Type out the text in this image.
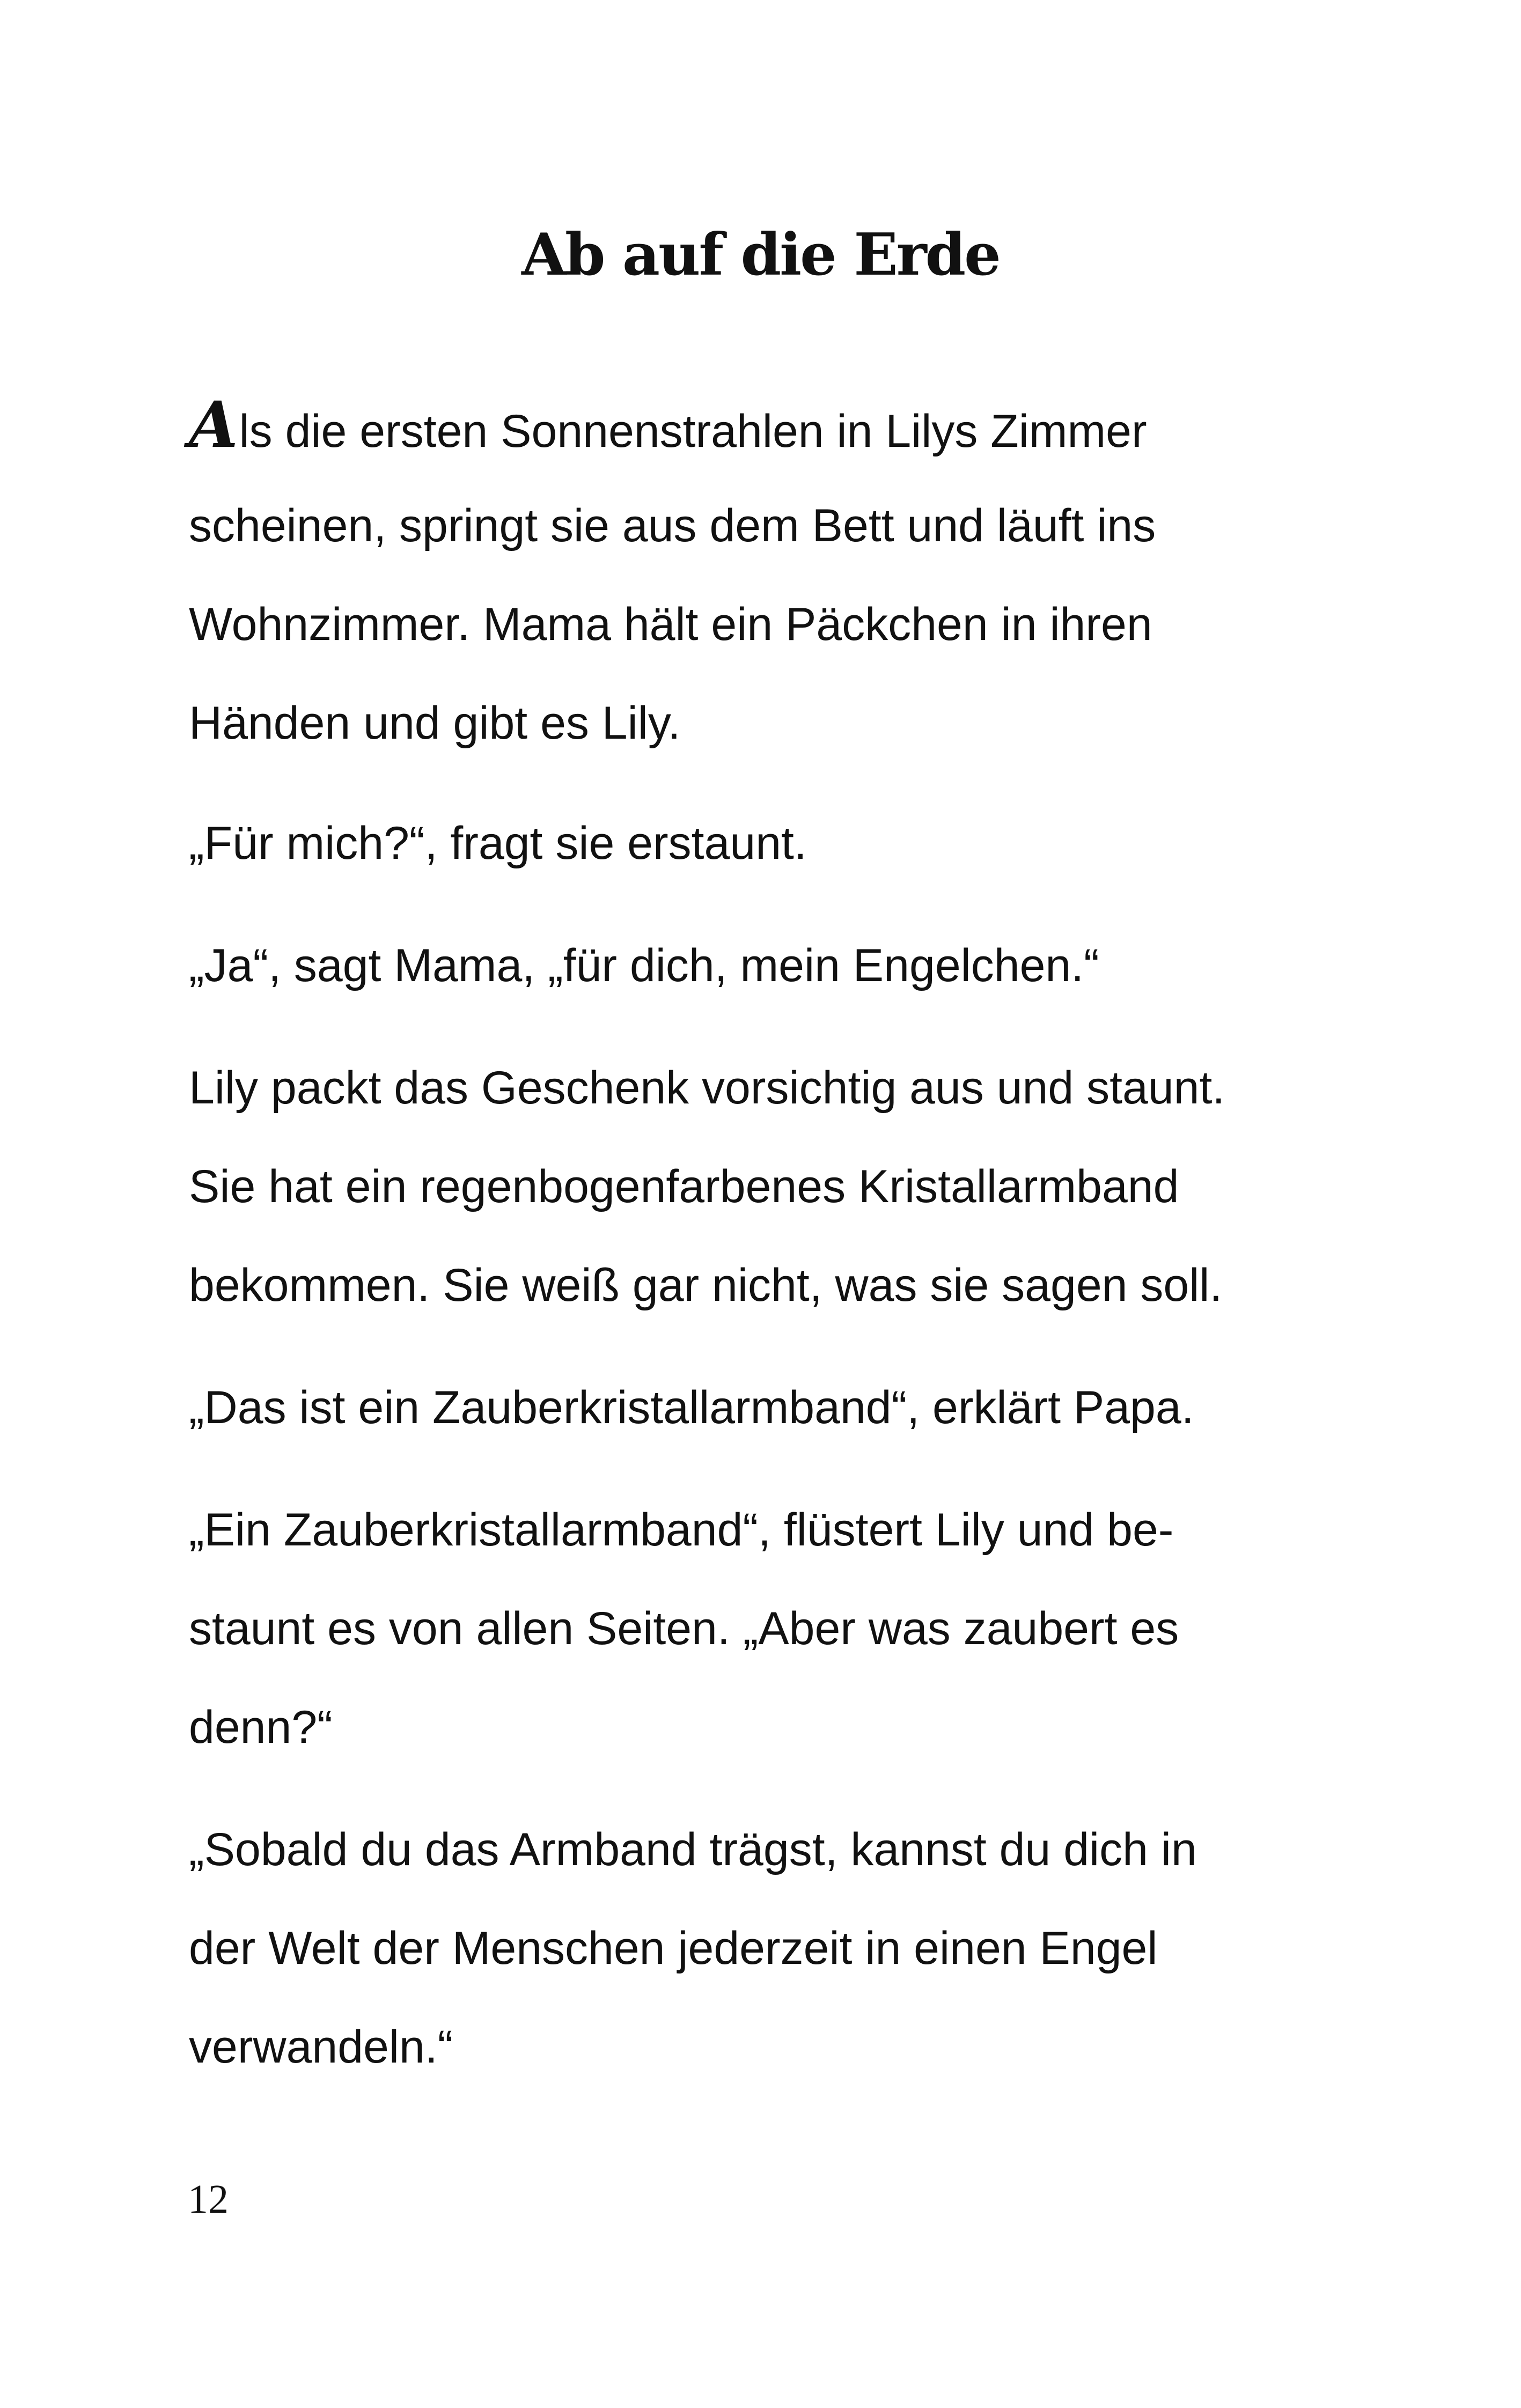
Ab auf die Erde
Als die ersten Sonnenstrahlen in Lilys Zimmer
scheinen, springt sie aus dem Bett und läuft ins
Wohnzimmer. Mama hält ein Päckchen in ihren
Händen und gibt es Lily.
„Für mich?“, fragt sie erstaunt.
„Ja“, sagt Mama, „für dich, mein Engelchen.“
Lily packt das Geschenk vorsichtig aus und staunt.
Sie hat ein regenbogenfarbenes Kristallarmband
bekommen. Sie weiß gar nicht, was sie sagen soll.
„Das ist ein Zauberkristallarmband“, erklärt Papa.
„Ein Zauberkristallarmband“, flüstert Lily und be-
staunt es von allen Seiten. „Aber was zaubert es
denn?“
„Sobald du das Armband trägst, kannst du dich in
der Welt der Menschen jederzeit in einen Engel
verwandeln.“
12
